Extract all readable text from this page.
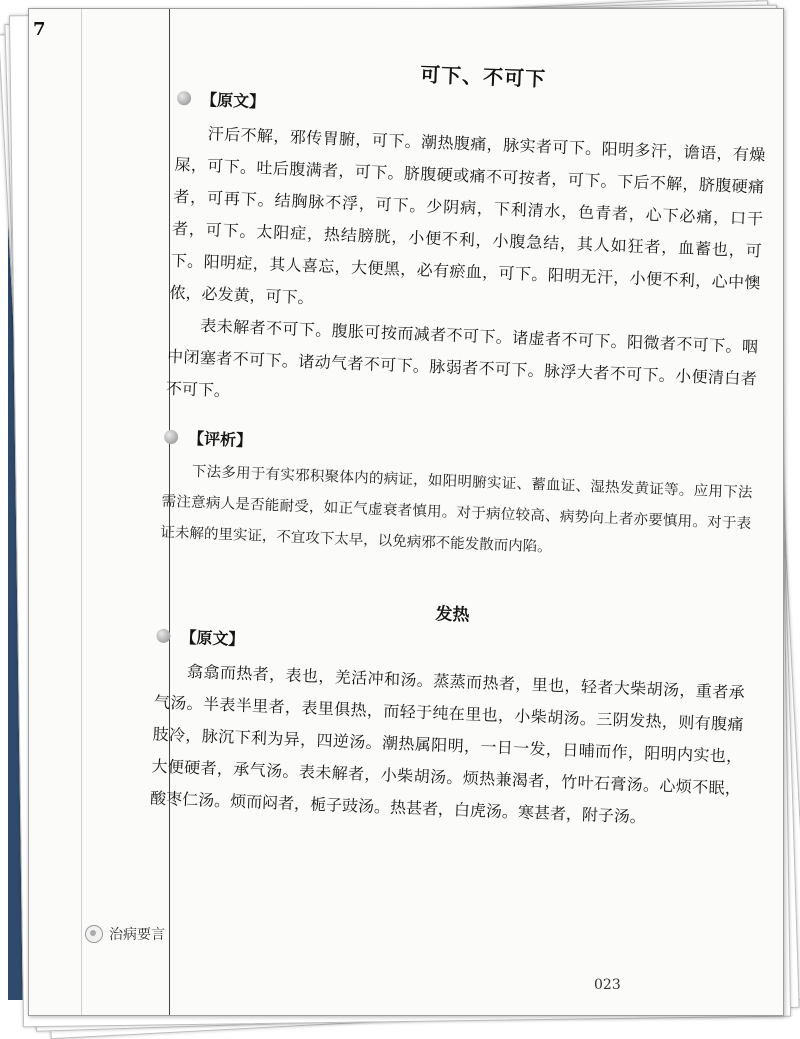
7
可下、不可下
【原文】

汗后不解，邪传胃腑，可下。潮热腹痛，脉实者可下。阳明多汗，谵语，有燥屎，可下。吐后腹满者，可下。脐腹硬或痛不可按者，可下。下后不解，脐腹硬痛者，可再下。结胸脉不浮，可下。少阴病，下利清水，色青者，心下必痛，口干者，可下。太阳症，热结膀胱，小便不利，小腹急结，其人如狂者，血蓄也，可下。阳明症，其人喜忘，大便黑，必有瘀血，可下。阳明无汗，小便不利，心中懊侬，必发黄，可下。

表未解者不可下。腹胀可按而减者不可下。诸虚者不可下。阳微者不可下。咽中闭塞者不可下。诸动气者不可下。脉弱者不可下。脉浮大者不可下。小便清白者不可下。

【评析】

下法多用于有实邪积聚体内的病证，如阳明腑实证、蓄血证、湿热发黄证等。应用下法需注意病人是否能耐受，如正气虚衰者慎用。对于病位较高、病势向上者亦要慎用。对于表证未解的里实证，不宜攻下太早，以免病邪不能发散而内陷。

发热
【原文】

翕翕而热者，表也，羌活冲和汤。蒸蒸而热者，里也，轻者大柴胡汤，重者承气汤。半表半里者，表里俱热，而轻于纯在里也，小柴胡汤。三阴发热，则有腹痛肢冷，脉沉下利为异，四逆汤。潮热属阳明，一日一发，日晡而作，阳明内实也，大便硬者，承气汤。表未解者，小柴胡汤。烦热兼渴者，竹叶石膏汤。心烦不眠，酸枣仁汤。烦而闷者，栀子豉汤。热甚者，白虎汤。寒甚者，附子汤。

治病要言
023
